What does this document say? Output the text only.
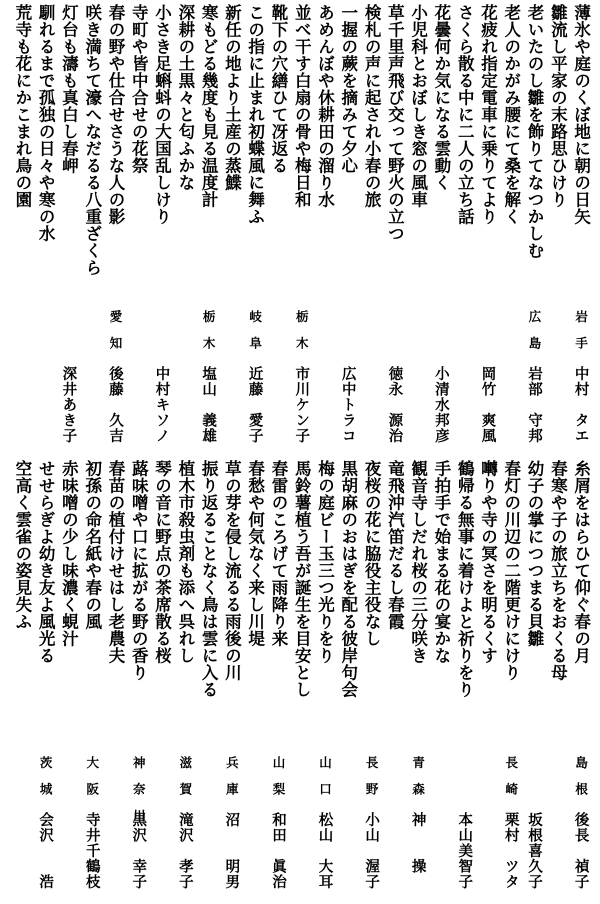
薄氷や庭のくぼ地に朝の日矢
岩手
中村　タエ
雛流し平家の末路思ひけり
老いたのし雛を飾りてなつかしむ
広島
岩部　守邦
老人のかがみ腰にて桑を解く
花疲れ指定電車に乗りてより
岡竹　爽風
さくら散る中に二人の立ち話
花曇何か気になる雲動く
小清水邦彦
小児科とおぼしき窓の風車
草千里声飛び交って野火の立つ
徳永　源治
検札の声に起され小春の旅
一握の蕨を摘みて夕心
広中トラコ
あめんぼや休耕田の溜り水
並べ干す白扇の骨や梅日和
栃木
市川ケン子
靴下の穴繕ひて冴返る
この指に止まれ初蝶風に舞ふ
岐阜
近藤　愛子
新任の地より土産の蒸鰈
寒もどる幾度も見る温度計
栃木
塩山　義雄
深耕の土黒々と匂ふかな
小さき足蝌蚪の大国乱しけり
中村キソノ
寺町や皆中合せの花祭
春の野や仕合せさうな人の影
愛知
後藤　久吉
咲き満ちて濠へなだるる八重ざくら
灯台も濤も真白し春岬
深井あき子
馴れるまで孤独の日々や寒の水
荒寺も花にかこまれ鳥の園
糸屑をはらひて仰ぐ春の月
島根
後長　禎子
春寒や子の旅立ちをおくる母
幼子の掌につつまる貝雛
坂根喜久子
春灯の川辺の二階更けにけり
長崎
栗村　ツタ
囀りや寺の冥さを明るくす
鶴帰る無事に着けよと祈りをり
本山美智子
手拍手で始まる花の宴かな
観音寺しだれ桜の三分咲き
青森
神　　操
竜飛沖汽笛だるし春霞
夜桜の花に脇役主役なし
長野
小山　渥子
黒胡麻のおはぎを配る彼岸句会
梅の庭ビー玉三つ光りをり
山口
松山　大耳
馬鈴薯植う吾が誕生を目安とし
春雷のころげて雨降り来
山梨
和田　眞治
春愁や何気なく来し川堤
草の芽を侵し流るる雨後の川
兵庫
沼　　明男
振り返ることなく鳥は雲に入る
植木市殺虫剤も添へ呉れし
滋賀
滝沢　孝子
琴の音に野点の茶席散る桜
蕗味噌や口に拡がる野の香り
神奈川
黒沢　幸子
春苗の植付けせはし老農夫
初孫の命名紙や春の風
大阪
寺井千鶴枝
赤味噌の少し味濃く蜆汁
せせらぎよ幼き友よ風光る
茨城
会沢　　浩
空高く雲雀の姿見失ふ
